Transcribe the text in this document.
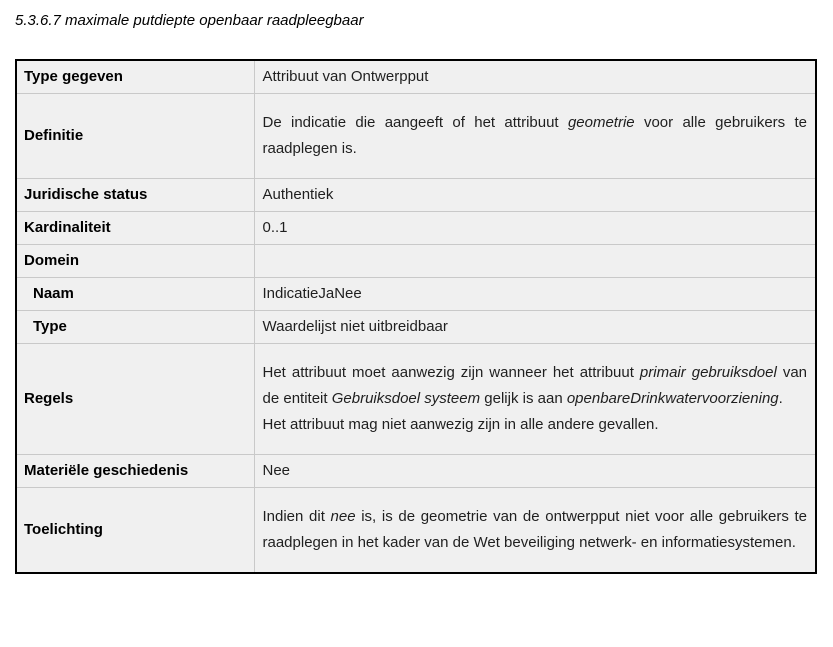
5.3.6.7 maximale putdiepte openbaar raadpleegbaar
Type gegeven	Attribuut van Ontwerpput
Definitie	De indicatie die aangeeft of het attribuut geometrie voor alle gebruikers te raadplegen is.
Juridische status	Authentiek
Kardinaliteit	0..1
Domein	
Naam	IndicatieJaNee
Type	Waardelijst niet uitbreidbaar
Regels	Het attribuut moet aanwezig zijn wanneer het attribuut primair gebruiksdoel van de entiteit Gebruiksdoel systeem gelijk is aan openbareDrinkwatervoorziening.
Het attribuut mag niet aanwezig zijn in alle andere gevallen.
Materiële geschiedenis	Nee
Toelichting	Indien dit nee is, is de geometrie van de ontwerpput niet voor alle gebruikers te raadplegen in het kader van de Wet beveiliging netwerk- en informatiesystemen.
